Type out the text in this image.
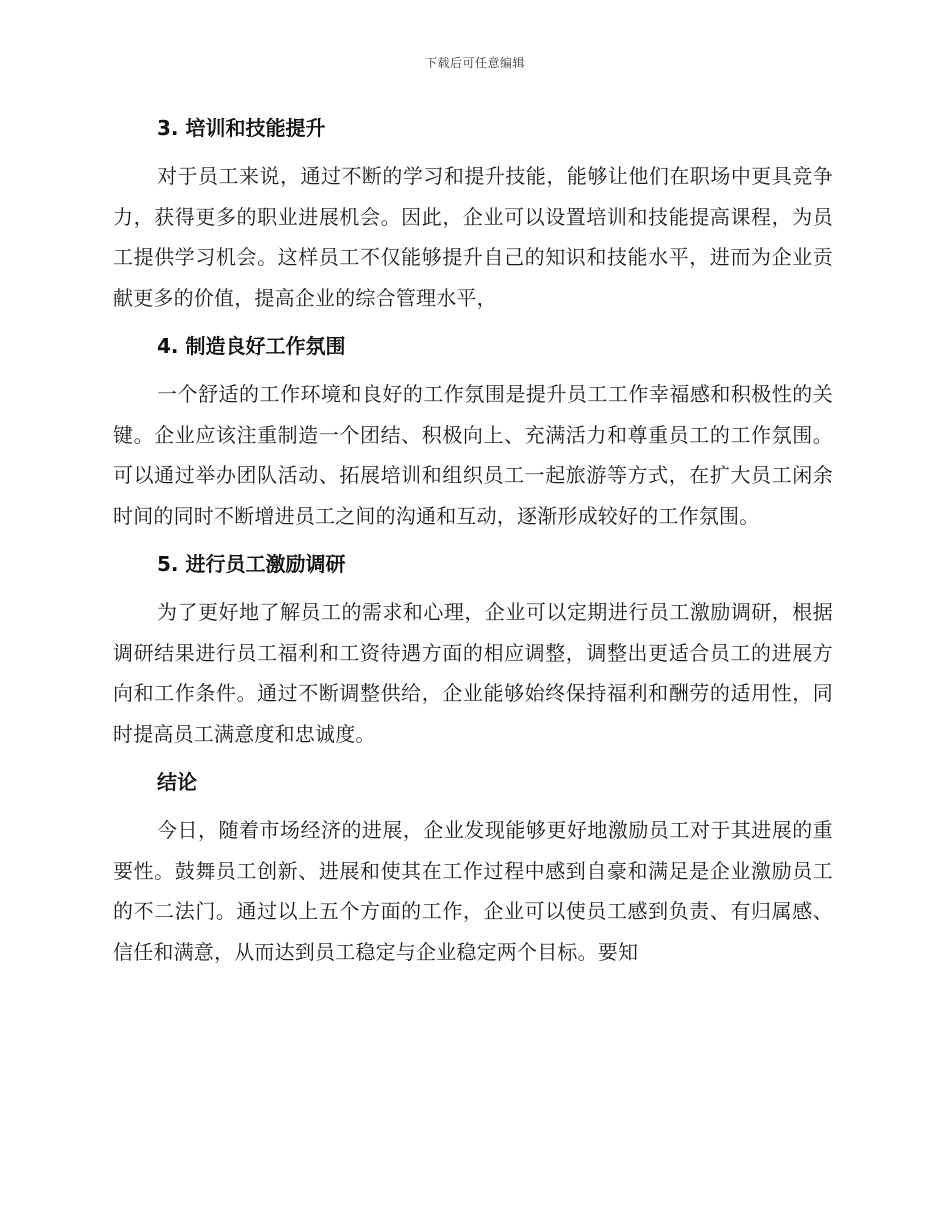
下载后可任意编辑
3. 培训和技能提升

对于员工来说，通过不断的学习和提升技能，能够让他们在职场中更具竞争力，获得更多的职业进展机会。因此，企业可以设置培训和技能提高课程，为员工提供学习机会。这样员工不仅能够提升自己的知识和技能水平，进而为企业贡献更多的价值，提高企业的综合管理水平，

4. 制造良好工作氛围

一个舒适的工作环境和良好的工作氛围是提升员工工作幸福感和积极性的关键。企业应该注重制造一个团结、积极向上、充满活力和尊重员工的工作氛围。可以通过举办团队活动、拓展培训和组织员工一起旅游等方式，在扩大员工闲余时间的同时不断增进员工之间的沟通和互动，逐渐形成较好的工作氛围。

5. 进行员工激励调研

为了更好地了解员工的需求和心理，企业可以定期进行员工激励调研，根据调研结果进行员工福利和工资待遇方面的相应调整，调整出更适合员工的进展方向和工作条件。通过不断调整供给，企业能够始终保持福利和酬劳的适用性，同时提高员工满意度和忠诚度。

结论

今日，随着市场经济的进展，企业发现能够更好地激励员工对于其进展的重要性。鼓舞员工创新、进展和使其在工作过程中感到自豪和满足是企业激励员工的不二法门。通过以上五个方面的工作，企业可以使员工感到负责、有归属感、信任和满意，从而达到员工稳定与企业稳定两个目标。要知
